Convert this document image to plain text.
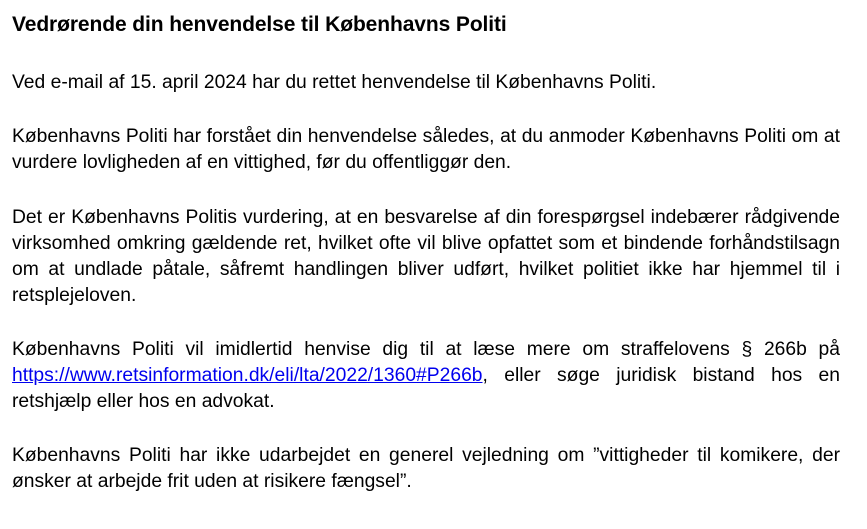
Vedrørende din henvendelse til Københavns Politi

Ved e-mail af 15. april 2024 har du rettet henvendelse til Københavns Politi.

Københavns Politi har forstået din henvendelse således, at du anmoder Københavns Politi om at vurdere lovligheden af en vittighed, før du offentliggør den.

Det er Københavns Politis vurdering, at en besvarelse af din forespørgsel indebærer rådgivende virksomhed omkring gældende ret, hvilket ofte vil blive opfattet som et bindende forhåndstilsagn om at undlade påtale, såfremt handlingen bliver udført, hvilket politiet ikke har hjemmel til i retsplejeloven.

Københavns Politi vil imidlertid henvise dig til at læse mere om straffelovens § 266b på https://www.retsinformation.dk/eli/lta/2022/1360#P266b, eller søge juridisk bistand hos en retshjælp eller hos en advokat.

Københavns Politi har ikke udarbejdet en generel vejledning om ”vittigheder til komikere, der ønsker at arbejde frit uden at risikere fængsel”.
